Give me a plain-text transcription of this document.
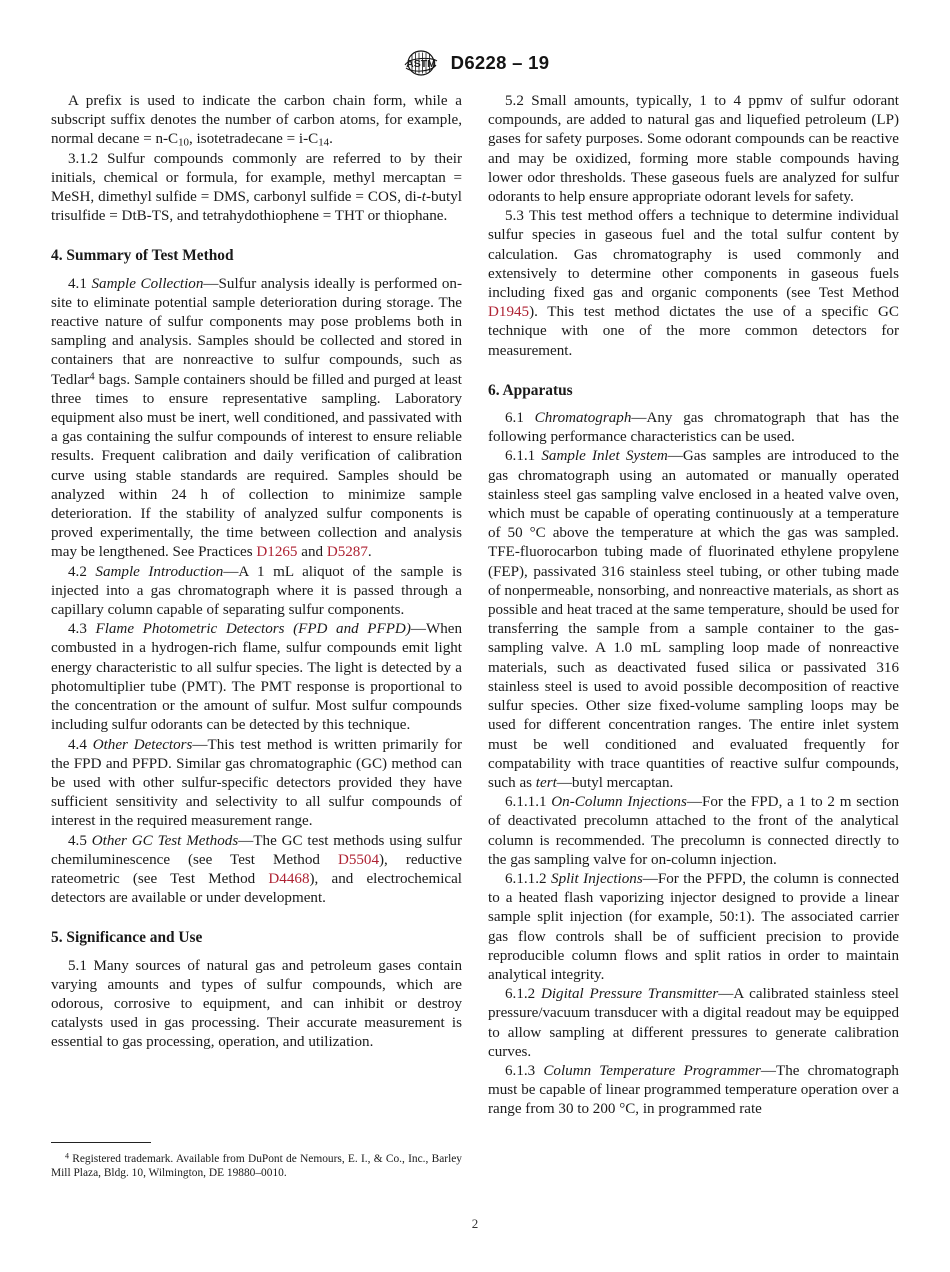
ASTM D6228 – 19

A prefix is used to indicate the carbon chain form, while a subscript suffix denotes the number of carbon atoms, for example, normal decane = $n-C_{10}$, isotetradecane = $i-C_{14}$.

3.1.2 Sulfur compounds commonly are referred to by their initials, chemical or formula, for example, methyl mercaptan = MeSH, dimethyl sulfide = DMS, carbonyl sulfide = COS, di-t-butyl trisulfide = DtB-TS, and tetrahydothiophene = THT or thiophane.

4. Summary of Test Method

4.1 Sample Collection—Sulfur analysis ideally is performed on-site to eliminate potential sample deterioration during storage. The reactive nature of sulfur components may pose problems both in sampling and analysis. Samples should be collected and stored in containers that are nonreactive to sulfur compounds, such as Tedlar$^4$ bags. Sample containers should be filled and purged at least three times to ensure representative sampling. Laboratory equipment also must be inert, well conditioned, and passivated with a gas containing the sulfur compounds of interest to ensure reliable results. Frequent calibration and daily verification of calibration curve using stable standards are required. Samples should be analyzed within 24 h of collection to minimize sample deterioration. If the stability of analyzed sulfur components is proved experimentally, the time between collection and analysis may be lengthened. See Practices D1265 and D5287.

4.2 Sample Introduction—A 1 mL aliquot of the sample is injected into a gas chromatograph where it is passed through a capillary column capable of separating sulfur components.

4.3 Flame Photometric Detectors (FPD and PFPD)—When combusted in a hydrogen-rich flame, sulfur compounds emit light energy characteristic to all sulfur species. The light is detected by a photomultiplier tube (PMT). The PMT response is proportional to the concentration or the amount of sulfur. Most sulfur compounds including sulfur odorants can be detected by this technique.

4.4 Other Detectors—This test method is written primarily for the FPD and PFPD. Similar gas chromatographic (GC) method can be used with other sulfur-specific detectors provided they have sufficient sensitivity and selectivity to all sulfur compounds of interest in the required measurement range.

4.5 Other GC Test Methods—The GC test methods using sulfur chemiluminescence (see Test Method D5504), reductive rateometric (see Test Method D4468), and electrochemical detectors are available or under development.

5. Significance and Use

5.1 Many sources of natural gas and petroleum gases contain varying amounts and types of sulfur compounds, which are odorous, corrosive to equipment, and can inhibit or destroy catalysts used in gas processing. Their accurate measurement is essential to gas processing, operation, and utilization.

5.2 Small amounts, typically, 1 to 4 ppmv of sulfur odorant compounds, are added to natural gas and liquefied petroleum (LP) gases for safety purposes. Some odorant compounds can be reactive and may be oxidized, forming more stable compounds having lower odor thresholds. These gaseous fuels are analyzed for sulfur odorants to help ensure appropriate odorant levels for safety.

5.3 This test method offers a technique to determine individual sulfur species in gaseous fuel and the total sulfur content by calculation. Gas chromatography is used commonly and extensively to determine other components in gaseous fuels including fixed gas and organic components (see Test Method D1945). This test method dictates the use of a specific GC technique with one of the more common detectors for measurement.

6. Apparatus

6.1 Chromatograph—Any gas chromatograph that has the following performance characteristics can be used.

6.1.1 Sample Inlet System—Gas samples are introduced to the gas chromatograph using an automated or manually operated stainless steel gas sampling valve enclosed in a heated valve oven, which must be capable of operating continuously at a temperature of 50 °C above the temperature at which the gas was sampled. TFE-fluorocarbon tubing made of fluorinated ethylene propylene (FEP), passivated 316 stainless steel tubing, or other tubing made of nonpermeable, nonsorbing, and nonreactive materials, as short as possible and heat traced at the same temperature, should be used for transferring the sample from a sample container to the gas-sampling valve. A 1.0 mL sampling loop made of nonreactive materials, such as deactivated fused silica or passivated 316 stainless steel is used to avoid possible decomposition of reactive sulfur species. Other size fixed-volume sampling loops may be used for different concentration ranges. The entire inlet system must be well conditioned and evaluated frequently for compatability with trace quantities of reactive sulfur compounds, such as tert—butyl mercaptan.

6.1.1.1 On-Column Injections—For the FPD, a 1 to 2 m section of deactivated precolumn attached to the front of the analytical column is recommended. The precolumn is connected directly to the gas sampling valve for on-column injection.

6.1.1.2 Split Injections—For the PFPD, the column is connected to a heated flash vaporizing injector designed to provide a linear sample split injection (for example, 50:1). The associated carrier gas flow controls shall be of sufficient precision to provide reproducible column flows and split ratios in order to maintain analytical integrity.

6.1.2 Digital Pressure Transmitter—A calibrated stainless steel pressure/vacuum transducer with a digital readout may be equipped to allow sampling at different pressures to generate calibration curves.

6.1.3 Column Temperature Programmer—The chromatograph must be capable of linear programmed temperature operation over a range from 30 to 200 °C, in programmed rate

$^4$ Registered trademark. Available from DuPont de Nemours, E. I., & Co., Inc., Barley Mill Plaza, Bldg. 10, Wilmington, DE 19880–0010.

2
